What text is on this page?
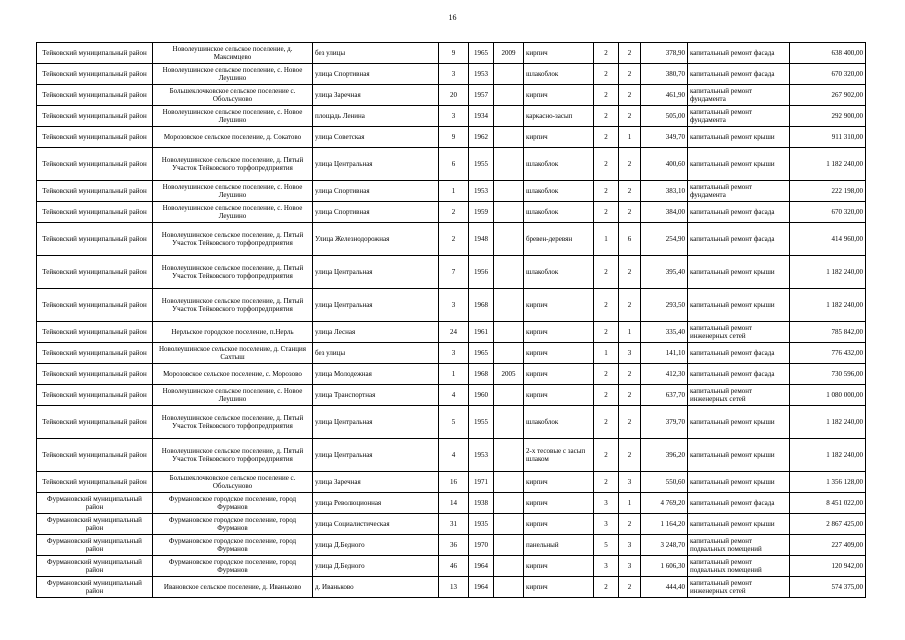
16
Тейковский муниципальный район	Новолеушинское сельское поселение, д. Максимцево	без улицы	9	1965	2009	кирпич	2	2	378,90	капитальный ремонт фасада	638 400,00
Тейковский муниципальный район	Новолеушинское сельское поселение, с. Новое Леушино	улица Спортивная	3	1953		шлакоблок	2	2	380,70	капитальный ремонт фасада	670 320,00
Тейковский муниципальный район	Большеклочковское сельское поселение с. Обольсуново	улица Заречная	20	1957		кирпич	2	2	461,90	капитальный ремонт фундамента	267 902,00
Тейковский муниципальный район	Новолеушинское сельское поселение, с. Новое Леушино	площадь Ленина	3	1934		каркасно-засып	2	2	505,00	капитальный ремонт фундамента	292 900,00
Тейковский муниципальный район	Морозовское сельское поселение, д. Сокатово	улица Советская	9	1962		кирпич	2	1	349,70	капитальный ремонт крыши	911 310,00
Тейковский муниципальный район	Новолеушинское сельское поселение, д. Пятый Участок Тейковского торфопредприятия	улица Центральная	6	1955		шлакоблок	2	2	400,60	капитальный ремонт крыши	1 182 240,00
Тейковский муниципальный район	Новолеушинское сельское поселение, с. Новое Леушино	улица Спортивная	1	1953		шлакоблок	2	2	383,10	капитальный ремонт фундамента	222 198,00
Тейковский муниципальный район	Новолеушинское сельское поселение, с. Новое Леушино	улица Спортивная	2	1959		шлакоблок	2	2	384,00	капитальный ремонт фасада	670 320,00
Тейковский муниципальный район	Новолеушинское сельское поселение, д. Пятый Участок Тейковского торфопредприятия	Улица Железнодорожная	2	1948		бревен-деревян	1	6	254,90	капитальный ремонт фасада	414 960,00
Тейковский муниципальный район	Новолеушинское сельское поселение, д. Пятый Участок Тейковского торфопредприятия	улица Центральная	7	1956		шлакоблок	2	2	395,40	капитальный ремонт крыши	1 182 240,00
Тейковский муниципальный район	Новолеушинское сельское поселение, д. Пятый Участок Тейковского торфопредприятия	улица Центральная	3	1968		кирпич	2	2	293,50	капитальный ремонт крыши	1 182 240,00
Тейковский муниципальный район	Нерльское городское поселение, п.Нерль	улица Лесная	24	1961		кирпич	2	1	335,40	капитальный ремонт инженерных сетей	785 842,00
Тейковский муниципальный район	Новолеушинское сельское поселение, д. Станция Сахтыш	без улицы	3	1965		кирпич	1	3	141,10	капитальный ремонт фасада	776 432,00
Тейковский муниципальный район	Морозовское сельское поселение, с. Морозово	улица Молодежная	1	1968	2005	кирпич	2	2	412,30	капитальный ремонт фасада	730 596,00
Тейковский муниципальный район	Новолеушинское сельское поселение, с. Новое Леушино	улица Транспортная	4	1960		кирпич	2	2	637,70	капитальный ремонт инженерных сетей	1 080 000,00
Тейковский муниципальный район	Новолеушинское сельское поселение, д. Пятый Участок Тейковского торфопредприятия	улица Центральная	5	1955		шлакоблок	2	2	379,70	капитальный ремонт крыши	1 182 240,00
Тейковский муниципальный район	Новолеушинское сельское поселение, д. Пятый Участок Тейковского торфопредприятия	улица Центральная	4	1953		2-х тесовые с засып шлаком	2	2	396,20	капитальный ремонт крыши	1 182 240,00
Тейковский муниципальный район	Большеклочковское сельское поселение с. Обольсуново	улица Заречная	16	1971		кирпич	2	3	550,60	капитальный ремонт крыши	1 356 128,00
Фурмановский муниципальный район	Фурмановское городское поселение, город Фурманов	улица Революционная	14	1938		кирпич	3	1	4 769,20	капитальный ремонт фасада	8 451 022,00
Фурмановский муниципальный район	Фурмановское городское поселение, город Фурманов	улица Социалистическая	31	1935		кирпич	3	2	1 164,20	капитальный ремонт крыши	2 867 425,00
Фурмановский муниципальный район	Фурмановское городское поселение, город Фурманов	улица Д.Бедного	36	1970		панельный	5	3	3 248,70	капитальный ремонт подвальных помещений	227 409,00
Фурмановский муниципальный район	Фурмановское городское поселение, город Фурманов	улица Д.Бедного	46	1964		кирпич	3	3	1 606,30	капитальный ремонт подвальных помещений	120 942,00
Фурмановский муниципальный район	Ивановское сельское поселение, д. Иваньково	д. Иваньково	13	1964		кирпич	2	2	444,40	капитальный ремонт инженерных сетей	574 375,00
